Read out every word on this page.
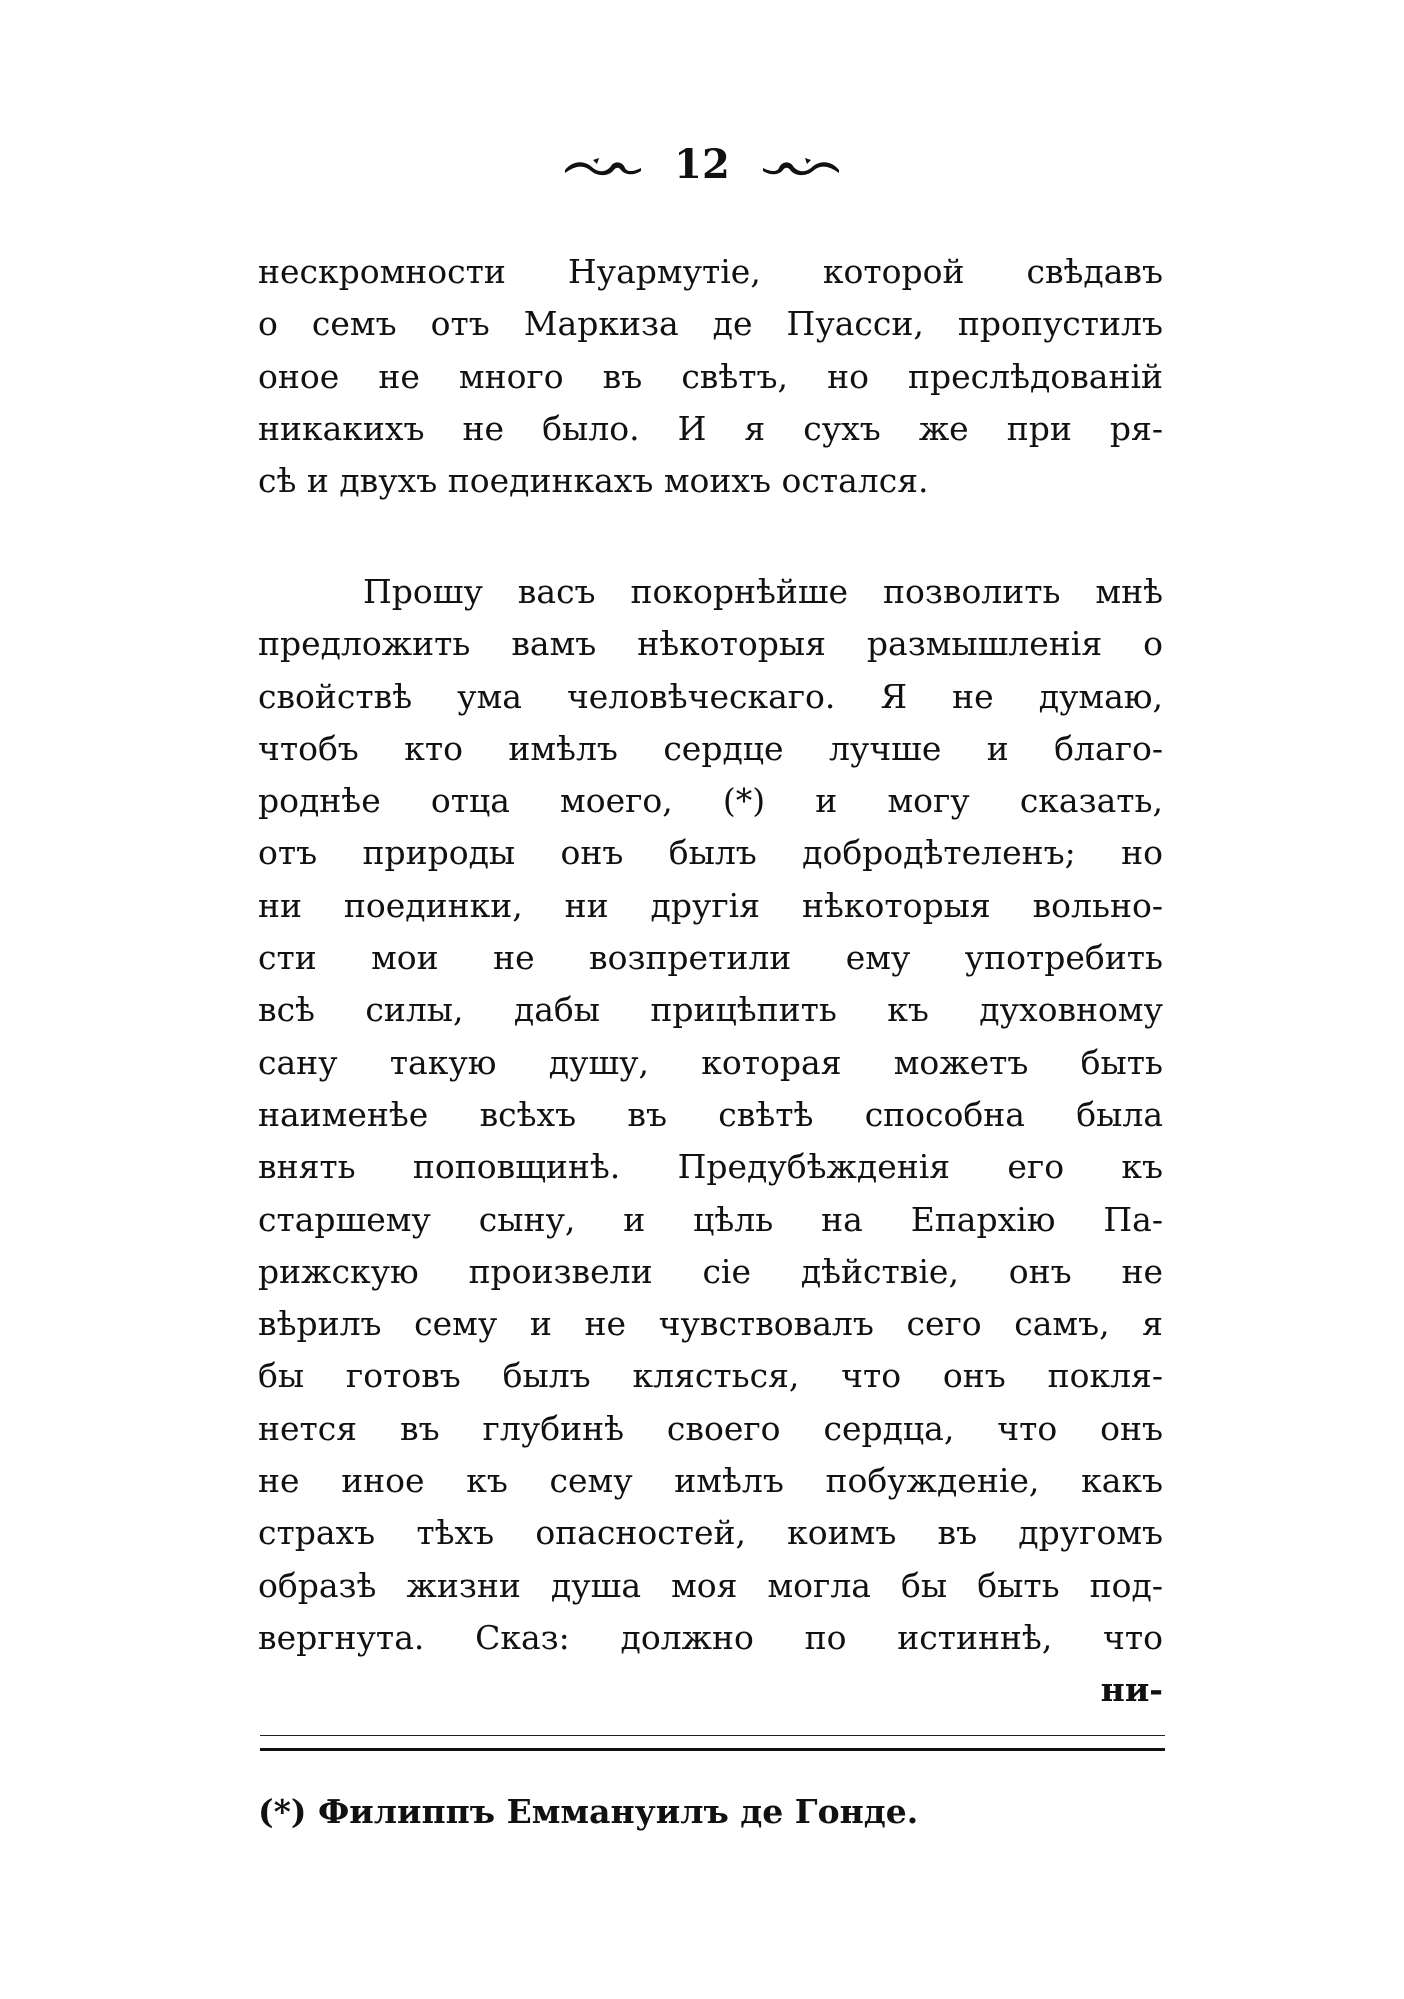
12
нескромности Нуармутіе, которой свѣдавъ
о семъ отъ Маркиза де Пуасси, пропустилъ
оное не много въ свѣтъ, но преслѣдованій
никакихъ не было. И я сухъ же при ря-
сѣ и двухъ поединкахъ моихъ остался.
Прошу васъ покорнѣйше позволить мнѣ
предложить вамъ нѣкоторыя размышленія о
свойствѣ ума человѣческаго. Я не думаю,
чтобъ кто имѣлъ сердце лучше и благо-
роднѣе отца моего, (*) и могу сказать,
отъ природы онъ былъ добродѣтеленъ; но
ни поединки, ни другія нѣкоторыя вольно-
сти мои не возпретили ему употребить
всѣ силы, дабы прицѣпить къ духовному
сану такую душу, которая можетъ быть
наименѣе всѣхъ въ свѣтѣ способна была
внять поповщинѣ. Предубѣжденія его къ
старшему сыну, и цѣль на Епархію Па-
рижскую произвели сіе дѣйствіе, онъ не
вѣрилъ сему и не чувствовалъ сего самъ, я
бы готовъ былъ клясться, что онъ покля-
нется въ глубинѣ своего сердца, что онъ
не иное къ сему имѣлъ побужденіе, какъ
страхъ тѣхъ опасностей, коимъ въ другомъ
образѣ жизни душа моя могла бы быть под-
вергнута. Сказ: должно по истиннѣ, что
ни-
(*) Филиппъ Еммануилъ де Гонде.
